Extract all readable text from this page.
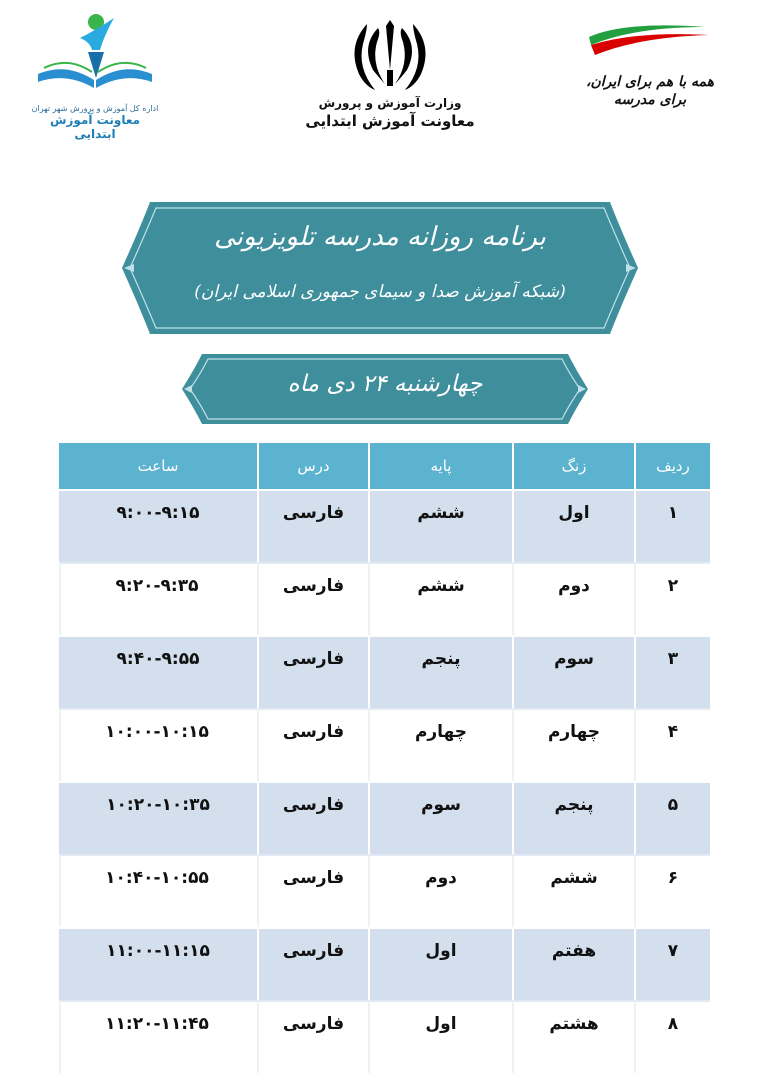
اداره کل آموزش و پرورش شهر تهران
معاونت آموزش ابتدایی
وزارت آموزش و پرورش
معاونت آموزش ابتدایی
همه با هم برای ایران، برای مدرسه
برنامه روزانه مدرسه تلویزیونی
(شبکه آموزش صدا و سیمای جمهوری اسلامی ایران)
چهارشنبه ۲۴ دی ماه
ردیف	زنگ	پایه	درس	ساعت
۱	اول	ششم	فارسی	۹:۰۰-۹:۱۵
۲	دوم	ششم	فارسی	۹:۲۰-۹:۳۵
۳	سوم	پنجم	فارسی	۹:۴۰-۹:۵۵
۴	چهارم	چهارم	فارسی	۱۰:۰۰-۱۰:۱۵
۵	پنجم	سوم	فارسی	۱۰:۲۰-۱۰:۳۵
۶	ششم	دوم	فارسی	۱۰:۴۰-۱۰:۵۵
۷	هفتم	اول	فارسی	۱۱:۰۰-۱۱:۱۵
۸	هشتم	اول	فارسی	۱۱:۲۰-۱۱:۴۵
